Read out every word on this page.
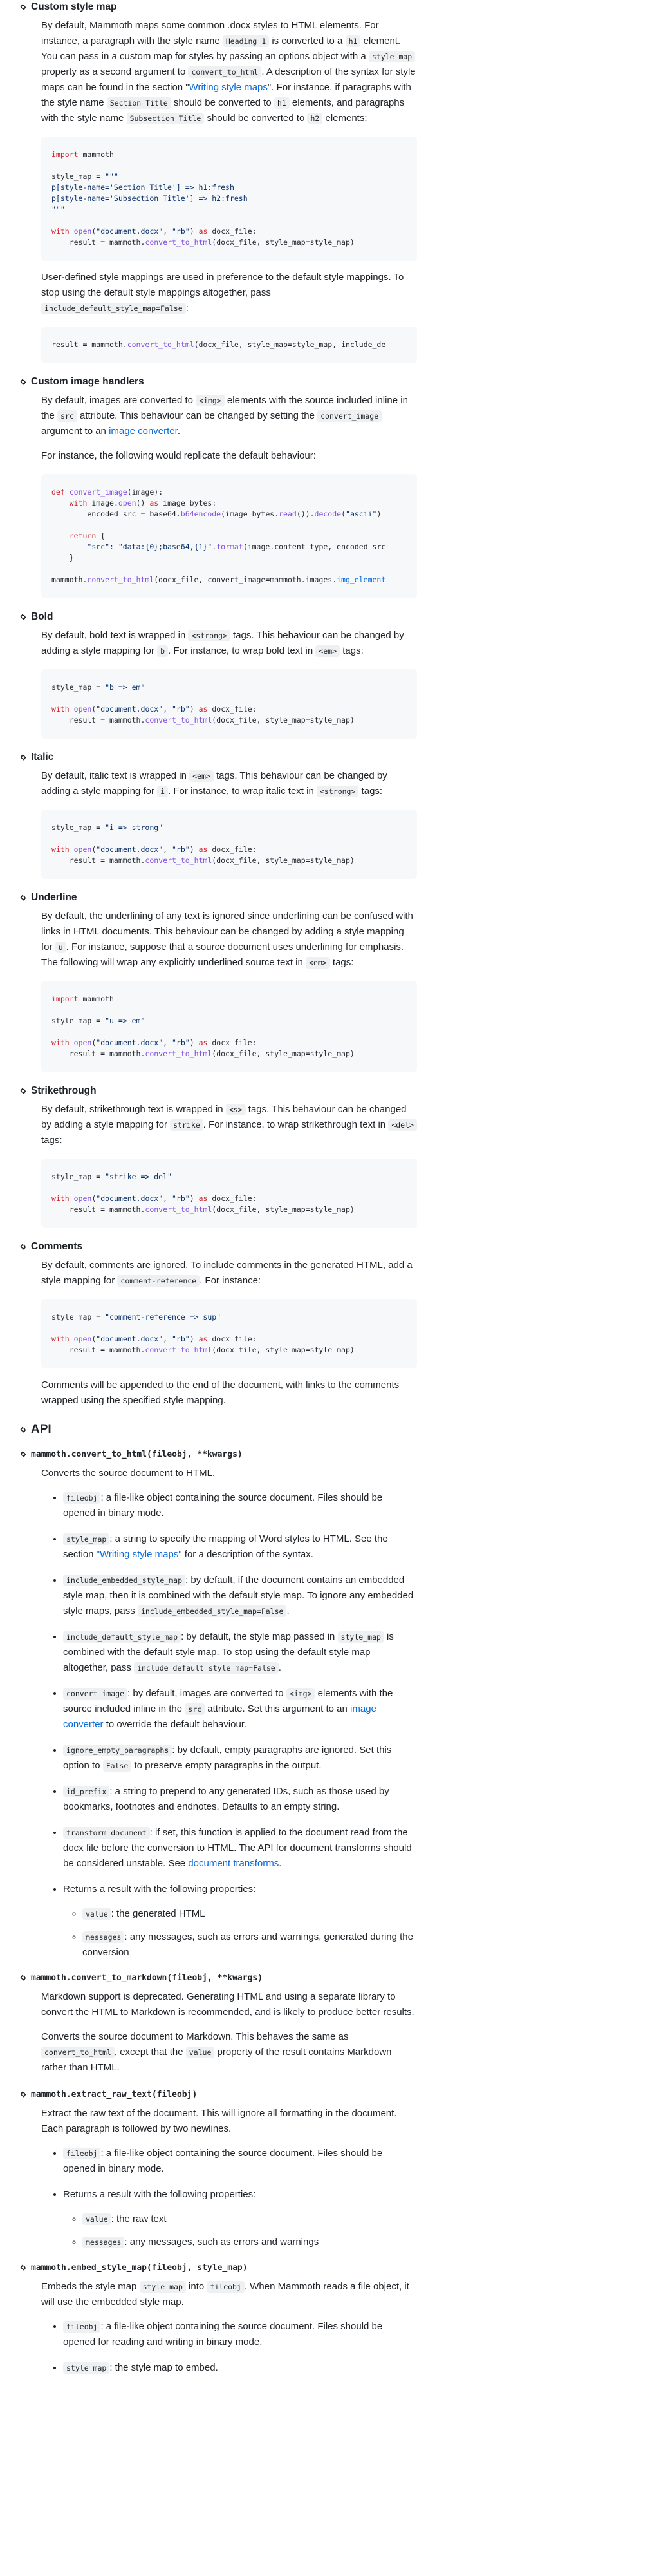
Custom style map

By default, Mammoth maps some common .docx styles to HTML elements. For instance, a paragraph with the style name Heading 1 is converted to a h1 element. You can pass in a custom map for styles by passing an options object with a style_map property as a second argument to convert_to_html . A description of the syntax for style maps can be found in the section "Writing style maps". For instance, if paragraphs with the style name Section Title should be converted to h1 elements, and paragraphs with the style name Subsection Title should be converted to h2 elements:

import mammoth

style_map = """
p[style-name='Section Title'] => h1:fresh
p[style-name='Subsection Title'] => h2:fresh
"""

with open("document.docx", "rb") as docx_file:
result = mammoth.convert_to_html(docx_file, style_map=style_map)

User-defined style mappings are used in preference to the default style mappings. To stop using the default style mappings altogether, pass include_default_style_map=False :

result = mammoth.convert_to_html(docx_file, style_map=style_map, include_de
Custom image handlers

By default, images are converted to <img> elements with the source included inline in the src attribute. This behaviour can be changed by setting the convert_image argument to an image converter.

For instance, the following would replicate the default behaviour:

def convert_image(image):
with image.open() as image_bytes:
encoded_src = base64.b64encode(image_bytes.read()).decode("ascii")

return {
"src": "data:{0};base64,{1}".format(image.content_type, encoded_src
}

mammoth.convert_to_html(docx_file, convert_image=mammoth.images.img_element
Bold

By default, bold text is wrapped in <strong> tags. This behaviour can be changed by adding a style mapping for b . For instance, to wrap bold text in <em> tags:

style_map = "b => em"

with open("document.docx", "rb") as docx_file:
result = mammoth.convert_to_html(docx_file, style_map=style_map)
Italic

By default, italic text is wrapped in <em> tags. This behaviour can be changed by adding a style mapping for i . For instance, to wrap italic text in <strong> tags:

style_map = "i => strong"

with open("document.docx", "rb") as docx_file:
result = mammoth.convert_to_html(docx_file, style_map=style_map)
Underline

By default, the underlining of any text is ignored since underlining can be confused with links in HTML documents. This behaviour can be changed by adding a style mapping for u . For instance, suppose that a source document uses underlining for emphasis. The following will wrap any explicitly underlined source text in <em> tags:

import mammoth

style_map = "u => em"

with open("document.docx", "rb") as docx_file:
result = mammoth.convert_to_html(docx_file, style_map=style_map)
Strikethrough

By default, strikethrough text is wrapped in <s> tags. This behaviour can be changed by adding a style mapping for strike . For instance, to wrap strikethrough text in <del> tags:

style_map = "strike => del"

with open("document.docx", "rb") as docx_file:
result = mammoth.convert_to_html(docx_file, style_map=style_map)
Comments

By default, comments are ignored. To include comments in the generated HTML, add a style mapping for comment-reference . For instance:

style_map = "comment-reference => sup"

with open("document.docx", "rb") as docx_file:
result = mammoth.convert_to_html(docx_file, style_map=style_map)

Comments will be appended to the end of the document, with links to the comments wrapped using the specified style mapping.

API
mammoth.convert_to_html(fileobj, **kwargs)

Converts the source document to HTML.

• fileobj : a file-like object containing the source document. Files should be opened in binary mode.
• style_map : a string to specify the mapping of Word styles to HTML. See the section "Writing style maps" for a description of the syntax.
• include_embedded_style_map : by default, if the document contains an embedded style map, then it is combined with the default style map. To ignore any embedded style maps, pass include_embedded_style_map=False .
• include_default_style_map : by default, the style map passed in style_map is combined with the default style map. To stop using the default style map altogether, pass include_default_style_map=False .
• convert_image : by default, images are converted to <img> elements with the source included inline in the src attribute. Set this argument to an image converter to override the default behaviour.
• ignore_empty_paragraphs : by default, empty paragraphs are ignored. Set this option to False to preserve empty paragraphs in the output.
• id_prefix : a string to prepend to any generated IDs, such as those used by bookmarks, footnotes and endnotes. Defaults to an empty string.
• transform_document : if set, this function is applied to the document read from the docx file before the conversion to HTML. The API for document transforms should be considered unstable. See document transforms.
• Returns a result with the following properties:
◦ value : the generated HTML
◦ messages : any messages, such as errors and warnings, generated during the conversion
mammoth.convert_to_markdown(fileobj, **kwargs)

Markdown support is deprecated. Generating HTML and using a separate library to convert the HTML to Markdown is recommended, and is likely to produce better results.

Converts the source document to Markdown. This behaves the same as convert_to_html , except that the value property of the result contains Markdown rather than HTML.

mammoth.extract_raw_text(fileobj)

Extract the raw text of the document. This will ignore all formatting in the document. Each paragraph is followed by two newlines.

• fileobj : a file-like object containing the source document. Files should be opened in binary mode.
• Returns a result with the following properties:
◦ value : the raw text
◦ messages : any messages, such as errors and warnings
mammoth.embed_style_map(fileobj, style_map)

Embeds the style map style_map into fileobj . When Mammoth reads a file object, it will use the embedded style map.

• fileobj : a file-like object containing the source document. Files should be opened for reading and writing in binary mode.
• style_map : the style map to embed.
